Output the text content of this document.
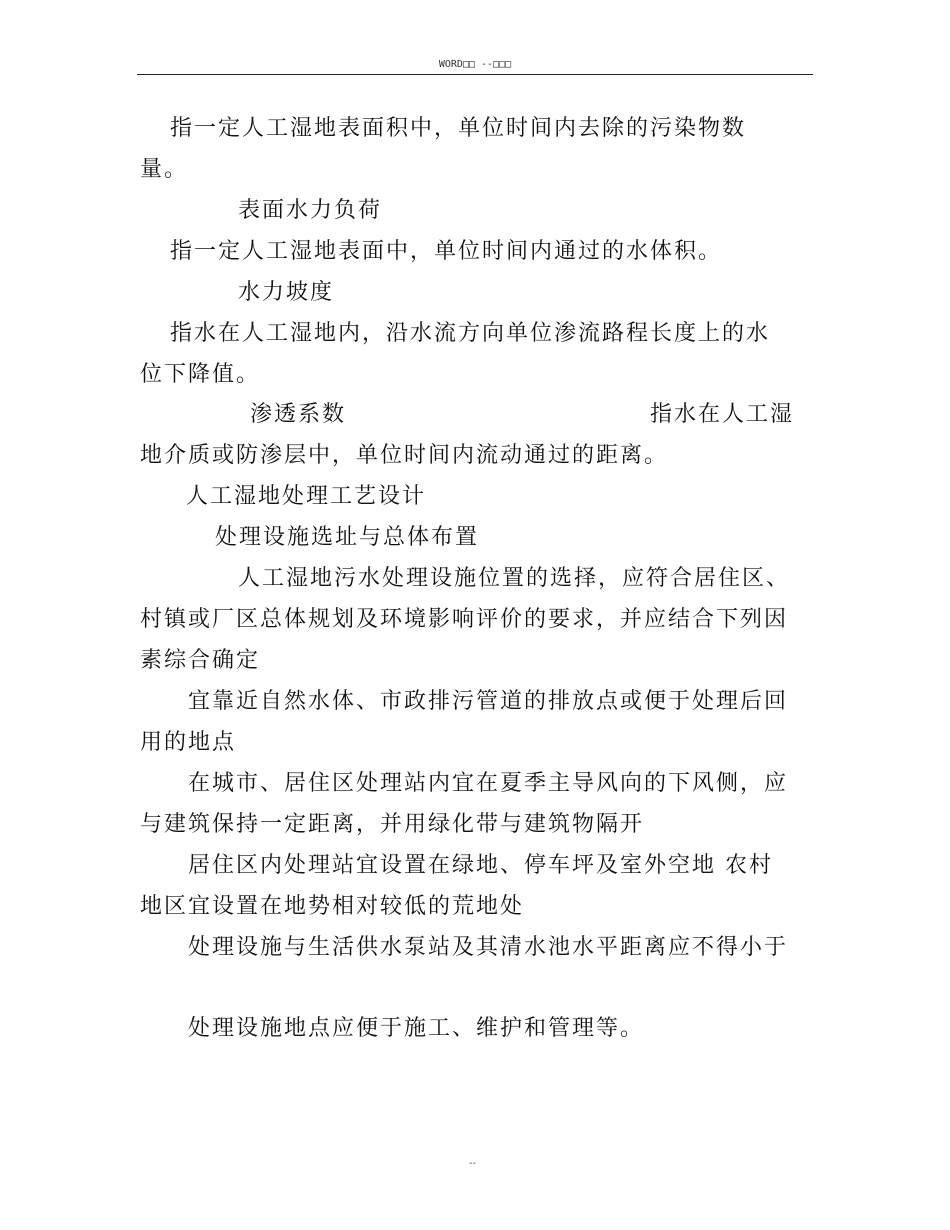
WORD□□ --□□□
指一定人工湿地表面积中，单位时间内去除的污染物数
量。
表面水力负荷
指一定人工湿地表面中，单位时间内通过的水体积。
水力坡度
指水在人工湿地内，沿水流方向单位渗流路程长度上的水
位下降值。
渗透系数	指水在人工湿
地介质或防渗层中，单位时间内流动通过的距离。
人工湿地处理工艺设计
处理设施选址与总体布置
人工湿地污水处理设施位置的选择，应符合居住区、
村镇或厂区总体规划及环境影响评价的要求，并应结合下列因
素综合确定
宜靠近自然水体、市政排污管道的排放点或便于处理后回
用的地点
在城市、居住区处理站内宜在夏季主导风向的下风侧，应
与建筑保持一定距离，并用绿化带与建筑物隔开
居住区内处理站宜设置在绿地、停车坪及室外空地 农村
地区宜设置在地势相对较低的荒地处
处理设施与生活供水泵站及其清水池水平距离应不得小于
处理设施地点应便于施工、维护和管理等。
--
